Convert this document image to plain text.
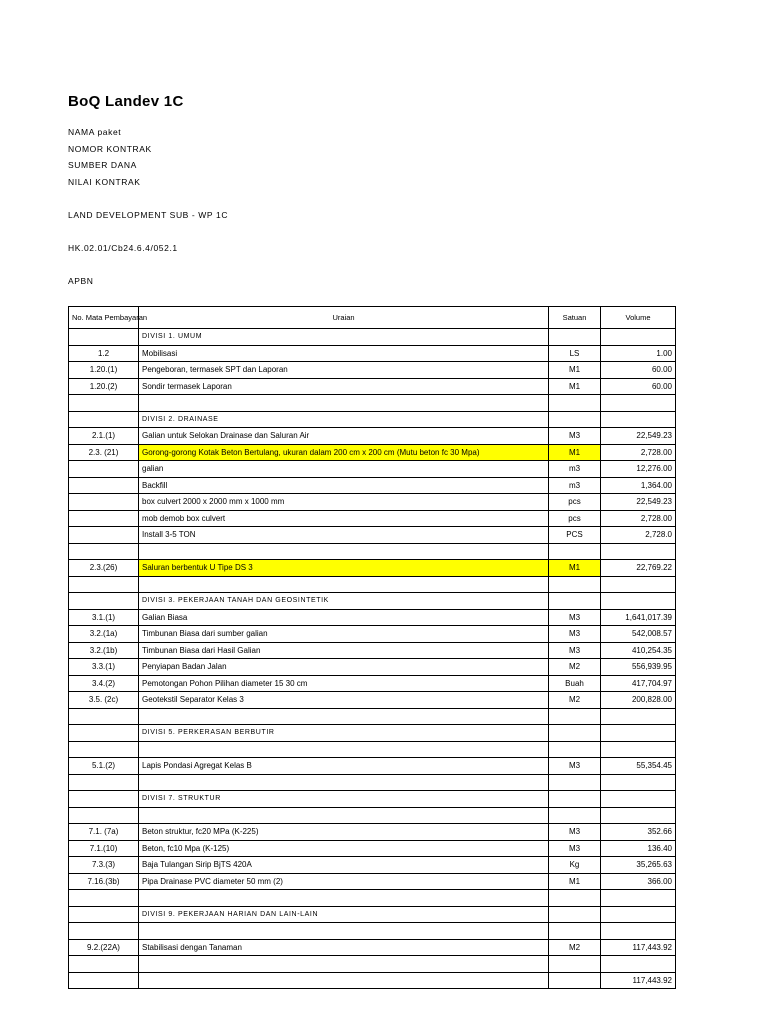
BoQ Landev 1C
NAMA paket
NOMOR KONTRAK
SUMBER DANA
NILAI KONTRAK
LAND DEVELOPMENT SUB - WP 1C
HK.02.01/Cb24.6.4/052.1
APBN
No. Mata Pembayaran	Uraian	Satuan	Volume
	DIVISI 1. UMUM		
1.2	Mobilisasi	LS	1.00
1.20.(1)	Pengeboran, termasek SPT dan Laporan	M1	60.00
1.20.(2)	Sondir termasek Laporan	M1	60.00

	DIVISI 2. DRAINASE		
2.1.(1)	Galian untuk Selokan Drainase dan Saluran Air	M3	22,549.23
2.3. (21)	Gorong-gorong Kotak Beton Bertulang, ukuran dalam 200 cm x 200 cm (Mutu beton fc 30 Mpa)	M1	2,728.00
	galian	m3	12,276.00
	Backfill	m3	1,364.00
	box culvert 2000 x 2000 mm x 1000 mm	pcs	22,549.23
	mob demob box culvert	pcs	2,728.00
	Install 3-5 TON	PCS	2,728.0

2.3.(26)	Saluran berbentuk U Tipe DS 3	M1	22,769.22

	DIVISI 3. PEKERJAAN TANAH DAN GEOSINTETIK		
3.1.(1)	Galian Biasa	M3	1,641,017.39
3.2.(1a)	Timbunan Biasa dari sumber galian	M3	542,008.57
3.2.(1b)	Timbunan Biasa dari Hasil Galian	M3	410,254.35
3.3.(1)	Penyiapan Badan Jalan	M2	556,939.95
3.4.(2)	Pemotongan Pohon Pilihan diameter 15 30 cm	Buah	417,704.97
3.5. (2c)	Geotekstil Separator Kelas 3	M2	200,828.00

	DIVISI 5. PERKERASAN BERBUTIR		

5.1.(2)	Lapis Pondasi Agregat Kelas B	M3	55,354.45

	DIVISI 7. STRUKTUR		

7.1. (7a)	Beton struktur, fc20 MPa (K-225)	M3	352.66
7.1.(10)	Beton, fc10 Mpa (K-125)	M3	136.40
7.3.(3)	Baja Tulangan Sirip BjTS 420A	Kg	35,265.63
7.16.(3b)	Pipa Drainase PVC diameter 50 mm (2)	M1	366.00

	DIVISI 9. PEKERJAAN HARIAN DAN LAIN-LAIN		

9.2.(22A)	Stabilisasi dengan Tanaman	M2	117,443.92

			117,443.92
